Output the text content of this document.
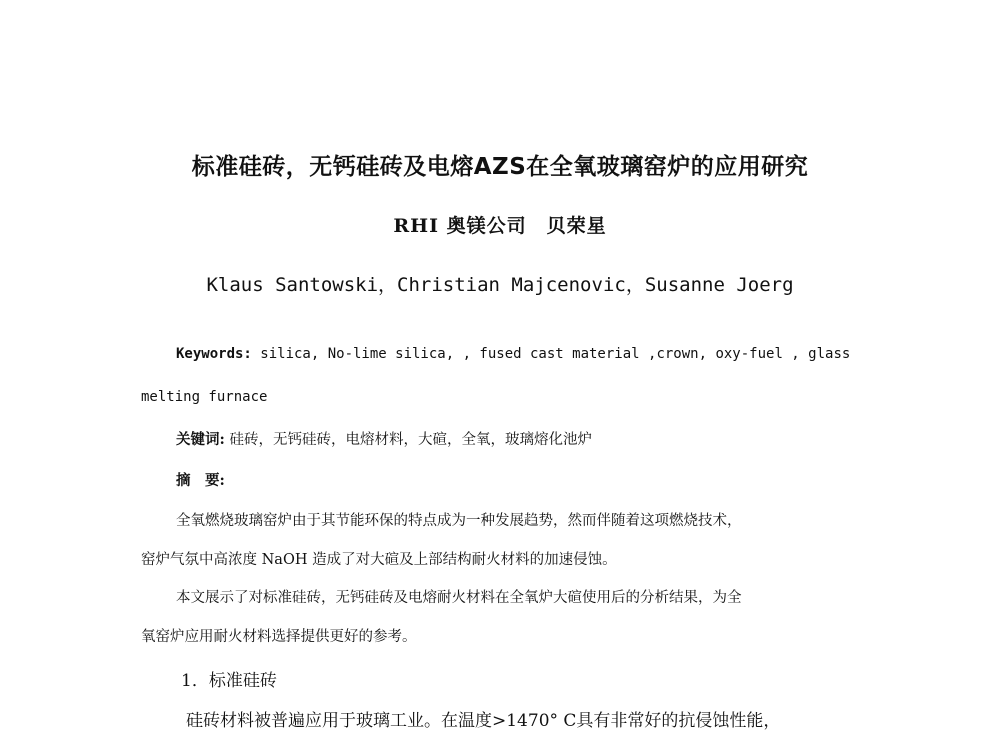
标准硅砖，无钙硅砖及电熔AZS在全氧玻璃窑炉的应用研究
RHI 奥镁公司　贝荣星
Klaus Santowski，Christian Majcenovic，Susanne Joerg
Keywords: silica, No-lime silica, , fused cast material ,crown, oxy-fuel , glass
melting furnace
关键词: 硅砖，无钙硅砖，电熔材料，大碹，全氧，玻璃熔化池炉
摘　要:
全氧燃烧玻璃窑炉由于其节能环保的特点成为一种发展趋势，然而伴随着这项燃烧技术，
窑炉气氛中高浓度 NaOH 造成了对大碹及上部结构耐火材料的加速侵蚀。
本文展示了对标准硅砖，无钙硅砖及电熔耐火材料在全氧炉大碹使用后的分析结果，为全
氧窑炉应用耐火材料选择提供更好的参考。
1．标准硅砖
硅砖材料被普遍应用于玻璃工业。在温度>1470° C具有非常好的抗侵蚀性能，
